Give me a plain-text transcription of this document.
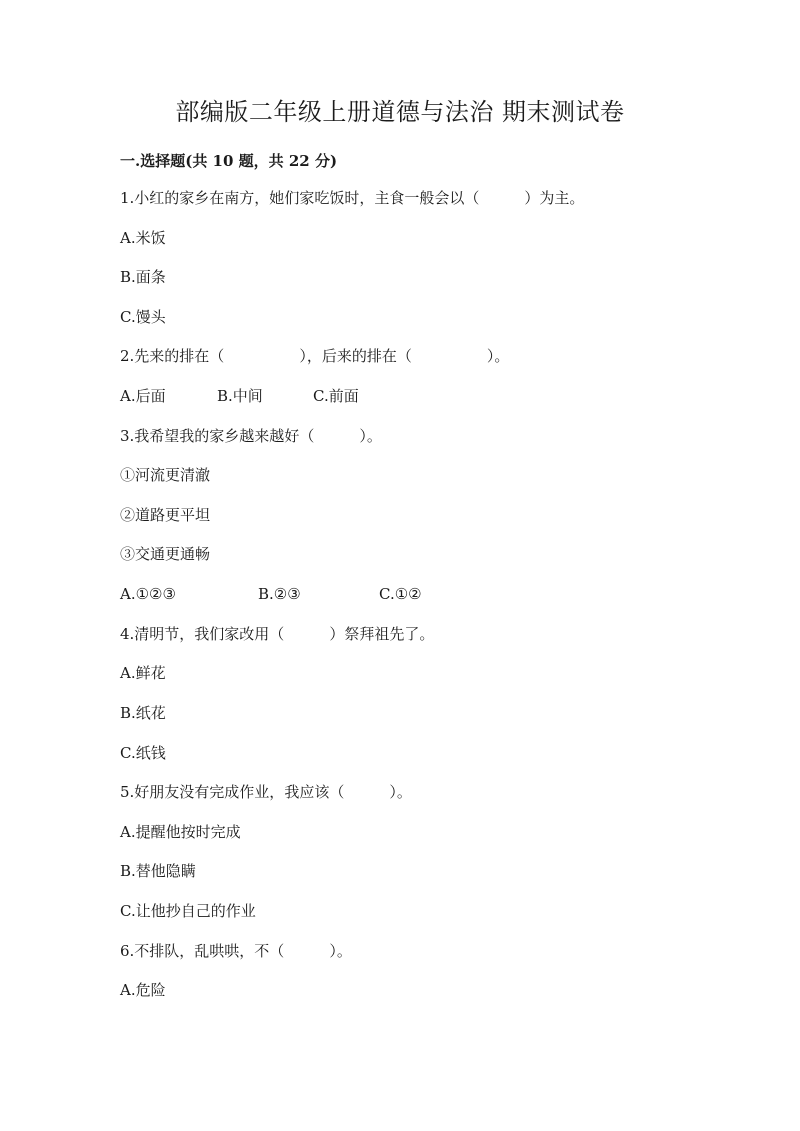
部编版二年级上册道德与法治 期末测试卷
一.选择题(共 10 题，共 22 分)
1.小红的家乡在南方，她们家吃饭时，主食一般会以（　　　）为主。
A.米饭
B.面条
C.馒头
2.先来的排在（　　　　　），后来的排在（　　　　　）。

A.后面

	B.中间

	C.前面

3.我希望我的家乡越来越好（　　　）。
①河流更清澈
②道路更平坦
③交通更通畅

A.①②③

	B.②③

	C.①②

4.清明节，我们家改用（　　　）祭拜祖先了。
A.鲜花
B.纸花
C.纸钱
5.好朋友没有完成作业，我应该（　　　）。
A.提醒他按时完成
B.替他隐瞒
C.让他抄自己的作业
6.不排队，乱哄哄，不（　　　）。
A.危险
